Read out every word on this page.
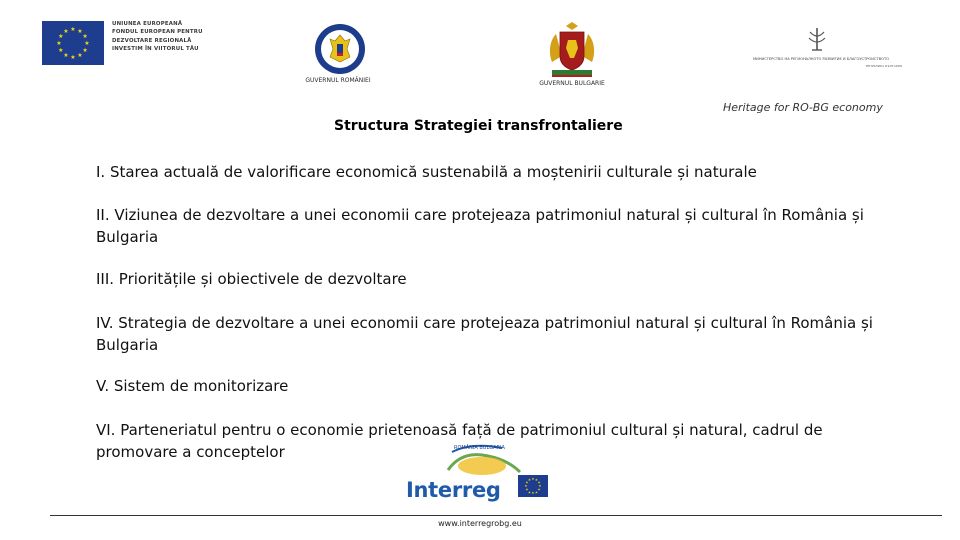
★
★
★
★
★
★
★
★
★ ★ ★
★
UNIUNEA EUROPEANĂ
FONDUL EUROPEAN PENTRU
DEZVOLTARE REGIONALĂ
INVESTIM ÎN VIITORUL TĂU
GUVERNUL ROMÂNIEI	GUVERNUL BULGARIE
МИНИСТЕРСТВО НА РЕГИОНАЛНОТО РАЗВИТИЕ И БЛАГОУСТРОЙСТВОТО
РЕПУБЛИКА БЪЛГАРИЯ
Heritage for RO-BG economy
Structura Strategiei transfrontaliere
I. Starea actuală de valorificare economică sustenabilă a moștenirii culturale și naturale
II. Viziunea de dezvoltare a unei economii care protejeaza patrimoniul natural și cultural în România și Bulgaria
III. Prioritățile și obiectivele de dezvoltare
IV. Strategia de dezvoltare a unei economii care protejeaza patrimoniul natural și cultural în România și Bulgaria
V. Sistem de monitorizare
VI. Parteneriatul pentru o economie prietenoasă față de patrimoniul cultural și natural, cadrul de promovare a conceptelor	ROMÂNIA BULGARIA
Interreg	★
★
★
★
★
★
★
★
★ ★ ★
★
www.interregrobg.eu
